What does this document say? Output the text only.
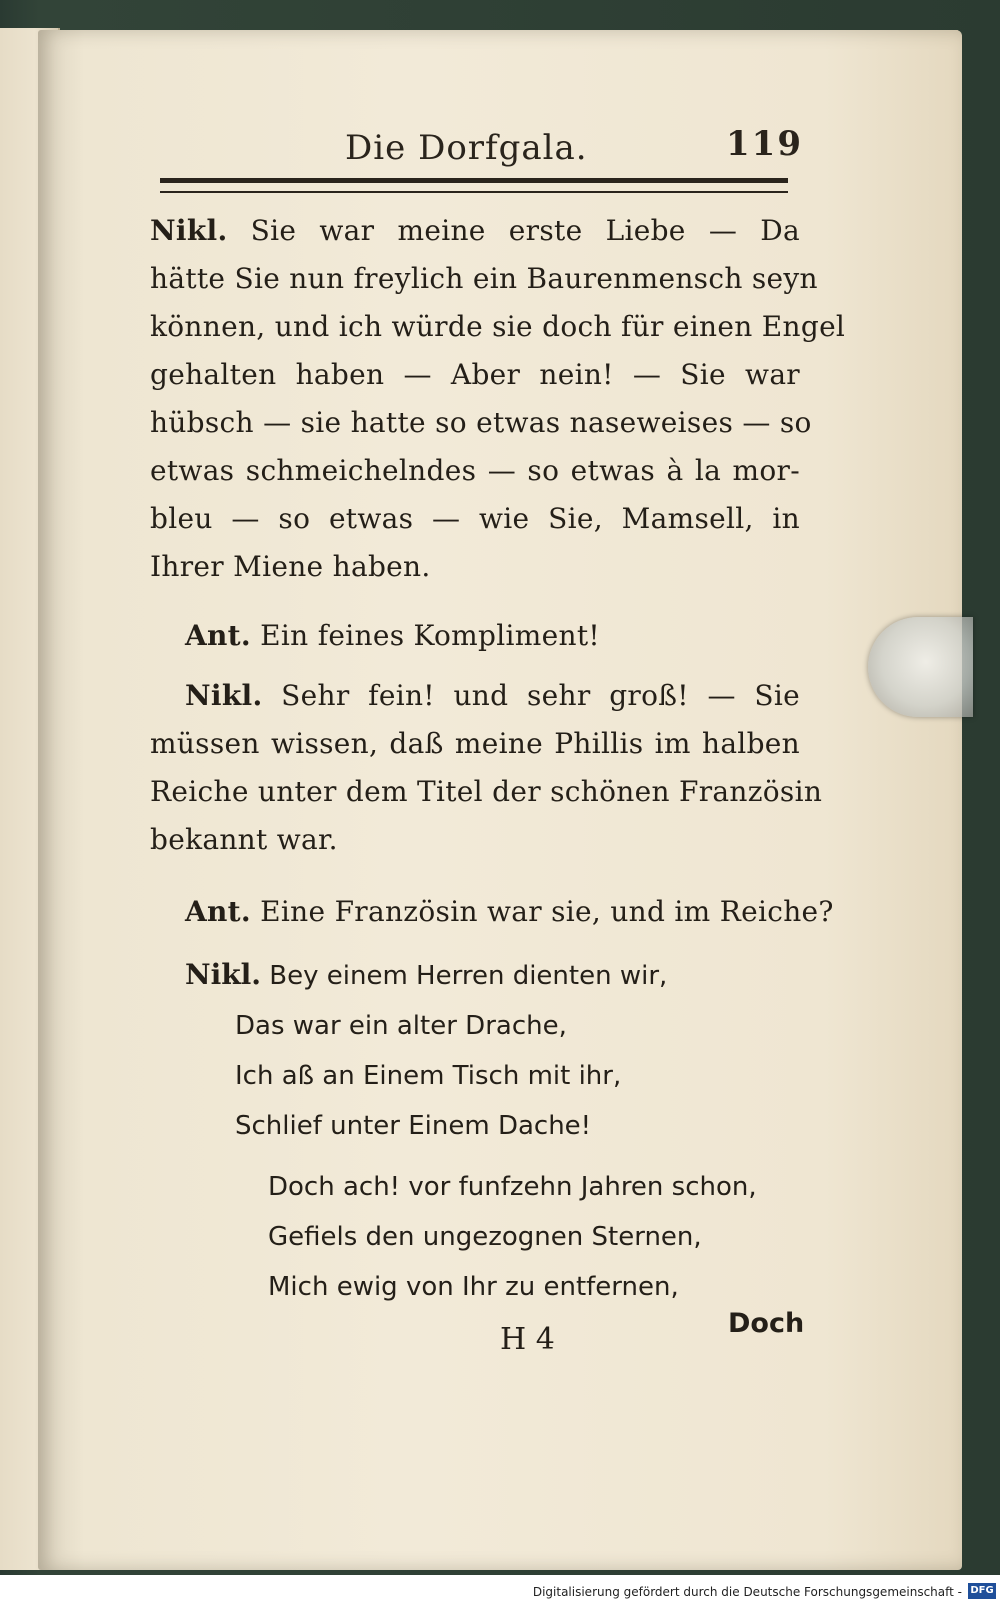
Die Dorfgala.	119
Nikl. Sie war meine erste Liebe — Da
hätte Sie nun freylich ein Baurenmensch seyn
können, und ich würde sie doch für einen Engel
gehalten haben — Aber nein! — Sie war
hübsch — sie hatte so etwas naseweises — so
etwas schmeichelndes — so etwas à la mor-
bleu — so etwas — wie Sie, Mamsell, in
Ihrer Miene haben.
Ant. Ein feines Kompliment!
Nikl. Sehr fein! und sehr groß! — Sie
müssen wissen, daß meine Phillis im halben
Reiche unter dem Titel der schönen Französin
bekannt war.
Ant. Eine Französin war sie, und im Reiche?
Nikl. Bey einem Herren dienten wir,
Das war ein alter Drache,
Ich aß an Einem Tisch mit ihr,
Schlief unter Einem Dache!
Doch ach! vor funfzehn Jahren schon,
Gefiels den ungezognen Sternen,
Mich ewig von Ihr zu entfernen,
H 4	Doch
Digitalisierung gefördert durch die Deutsche Forschungsgemeinschaft - DFG
